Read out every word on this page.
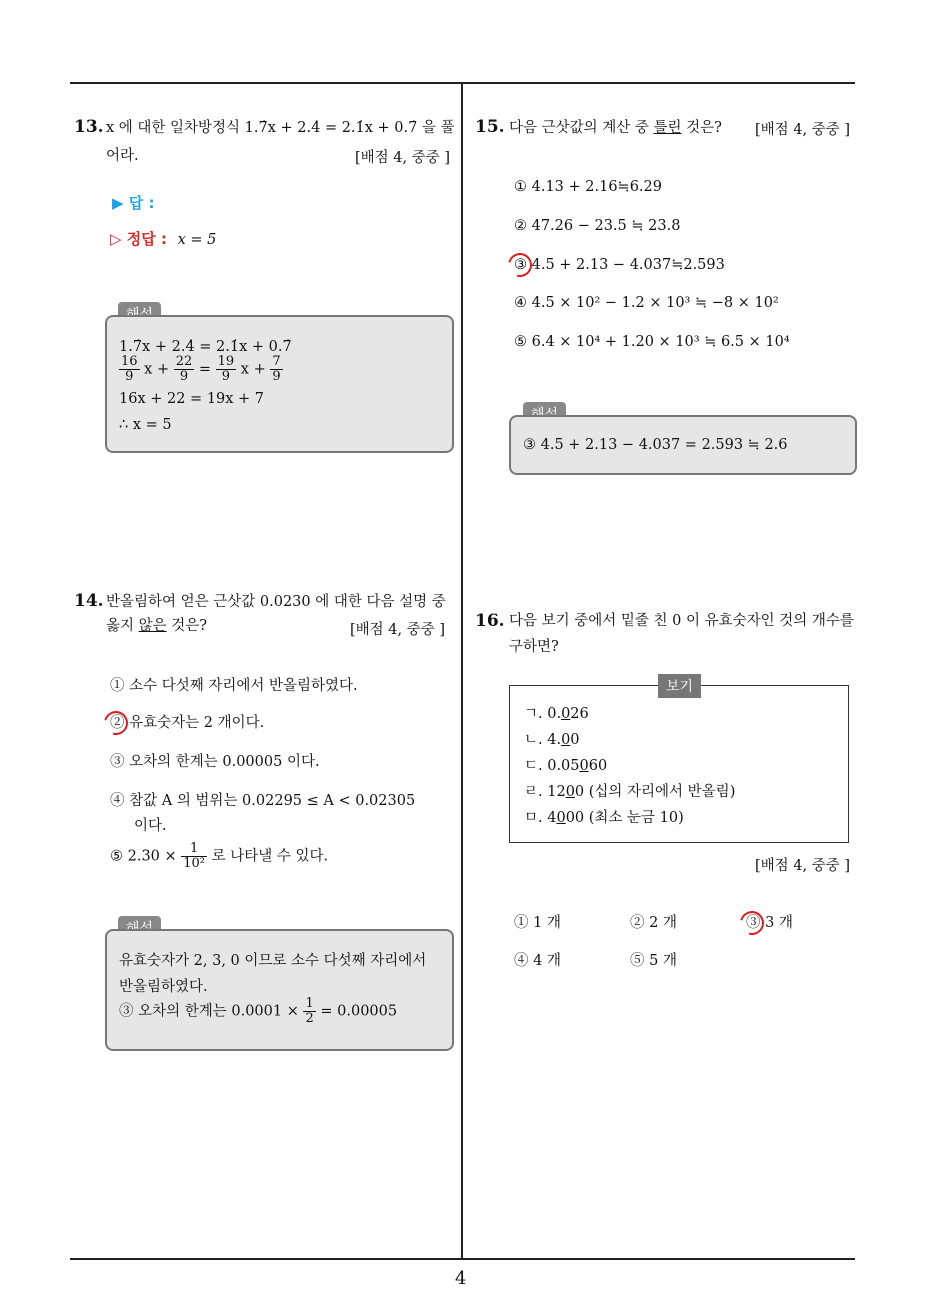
4
13. x 에 대한 일차방정식 1.7̇x + 2.4̇ = 2.1̇x + 0.7̇ 을 풀
어라.	[배점 4, 중중 ]
▶ 답 :
▷ 정답 : x = 5
1.7̇x + 2.4̇ = 2.1̇x + 0.7̇
$\frac{16}{9}$ $x + \frac{22}{9} = \frac{19}{9}$ $x + \frac{7}{9}$
16x + 22 = 19x + 7
∴ x = 5
14. 반올림하여 얻은 근삿값 0.0230 에 대한 다음 설명 중
옳지 않은 것은?	[배점 4, 중중 ]
① 소수 다섯째 자리에서 반올림하였다.
② 유효숫자는 2 개이다.
③ 오차의 한계는 0.00005 이다.
④ 참값 A 의 범위는 0.02295 ≤ A < 0.02305
이다.
⑤ $2.30 \times \frac{1}{\text{10²}}$ 로 나타낼 수 있다.
유효숫자가 2, 3, 0 이므로 소수 다섯째 자리에서
반올림하였다.
③ 오차의 한계는 $0.0001 \times \frac{1}{2} = 0.00005$
15. 다음 근삿값의 계산 중 틀린 것은? [배점 4, 중중 ]
① 4.13 + 2.16≒6.29
② 47.26 − 23.5 ≒ 23.8
③ 4.5 + 2.13 − 4.037≒2.593
④ 4.5 × 10² − 1.2 × 10³ ≒ −8 × 10²
⑤ 6.4 × 10⁴ + 1.20 × 10³ ≒ 6.5 × 10⁴
③ 4.5 + 2.13 − 4.037 = 2.593 ≒ 2.6
16. 다음 보기 중에서 밑줄 친 0 이 유효숫자인 것의 개수를
구하면?
ㄱ. 0.026
ㄴ. 4.00
ㄷ. 0.05060
ㄹ. 1200 (십의 자리에서 반올림)
ㅁ. 4000 (최소 눈금 10)
보기
[배점 4, 중중 ]
① 1 개	② 2 개	③ 3 개
④ 4 개	⑤ 5 개
